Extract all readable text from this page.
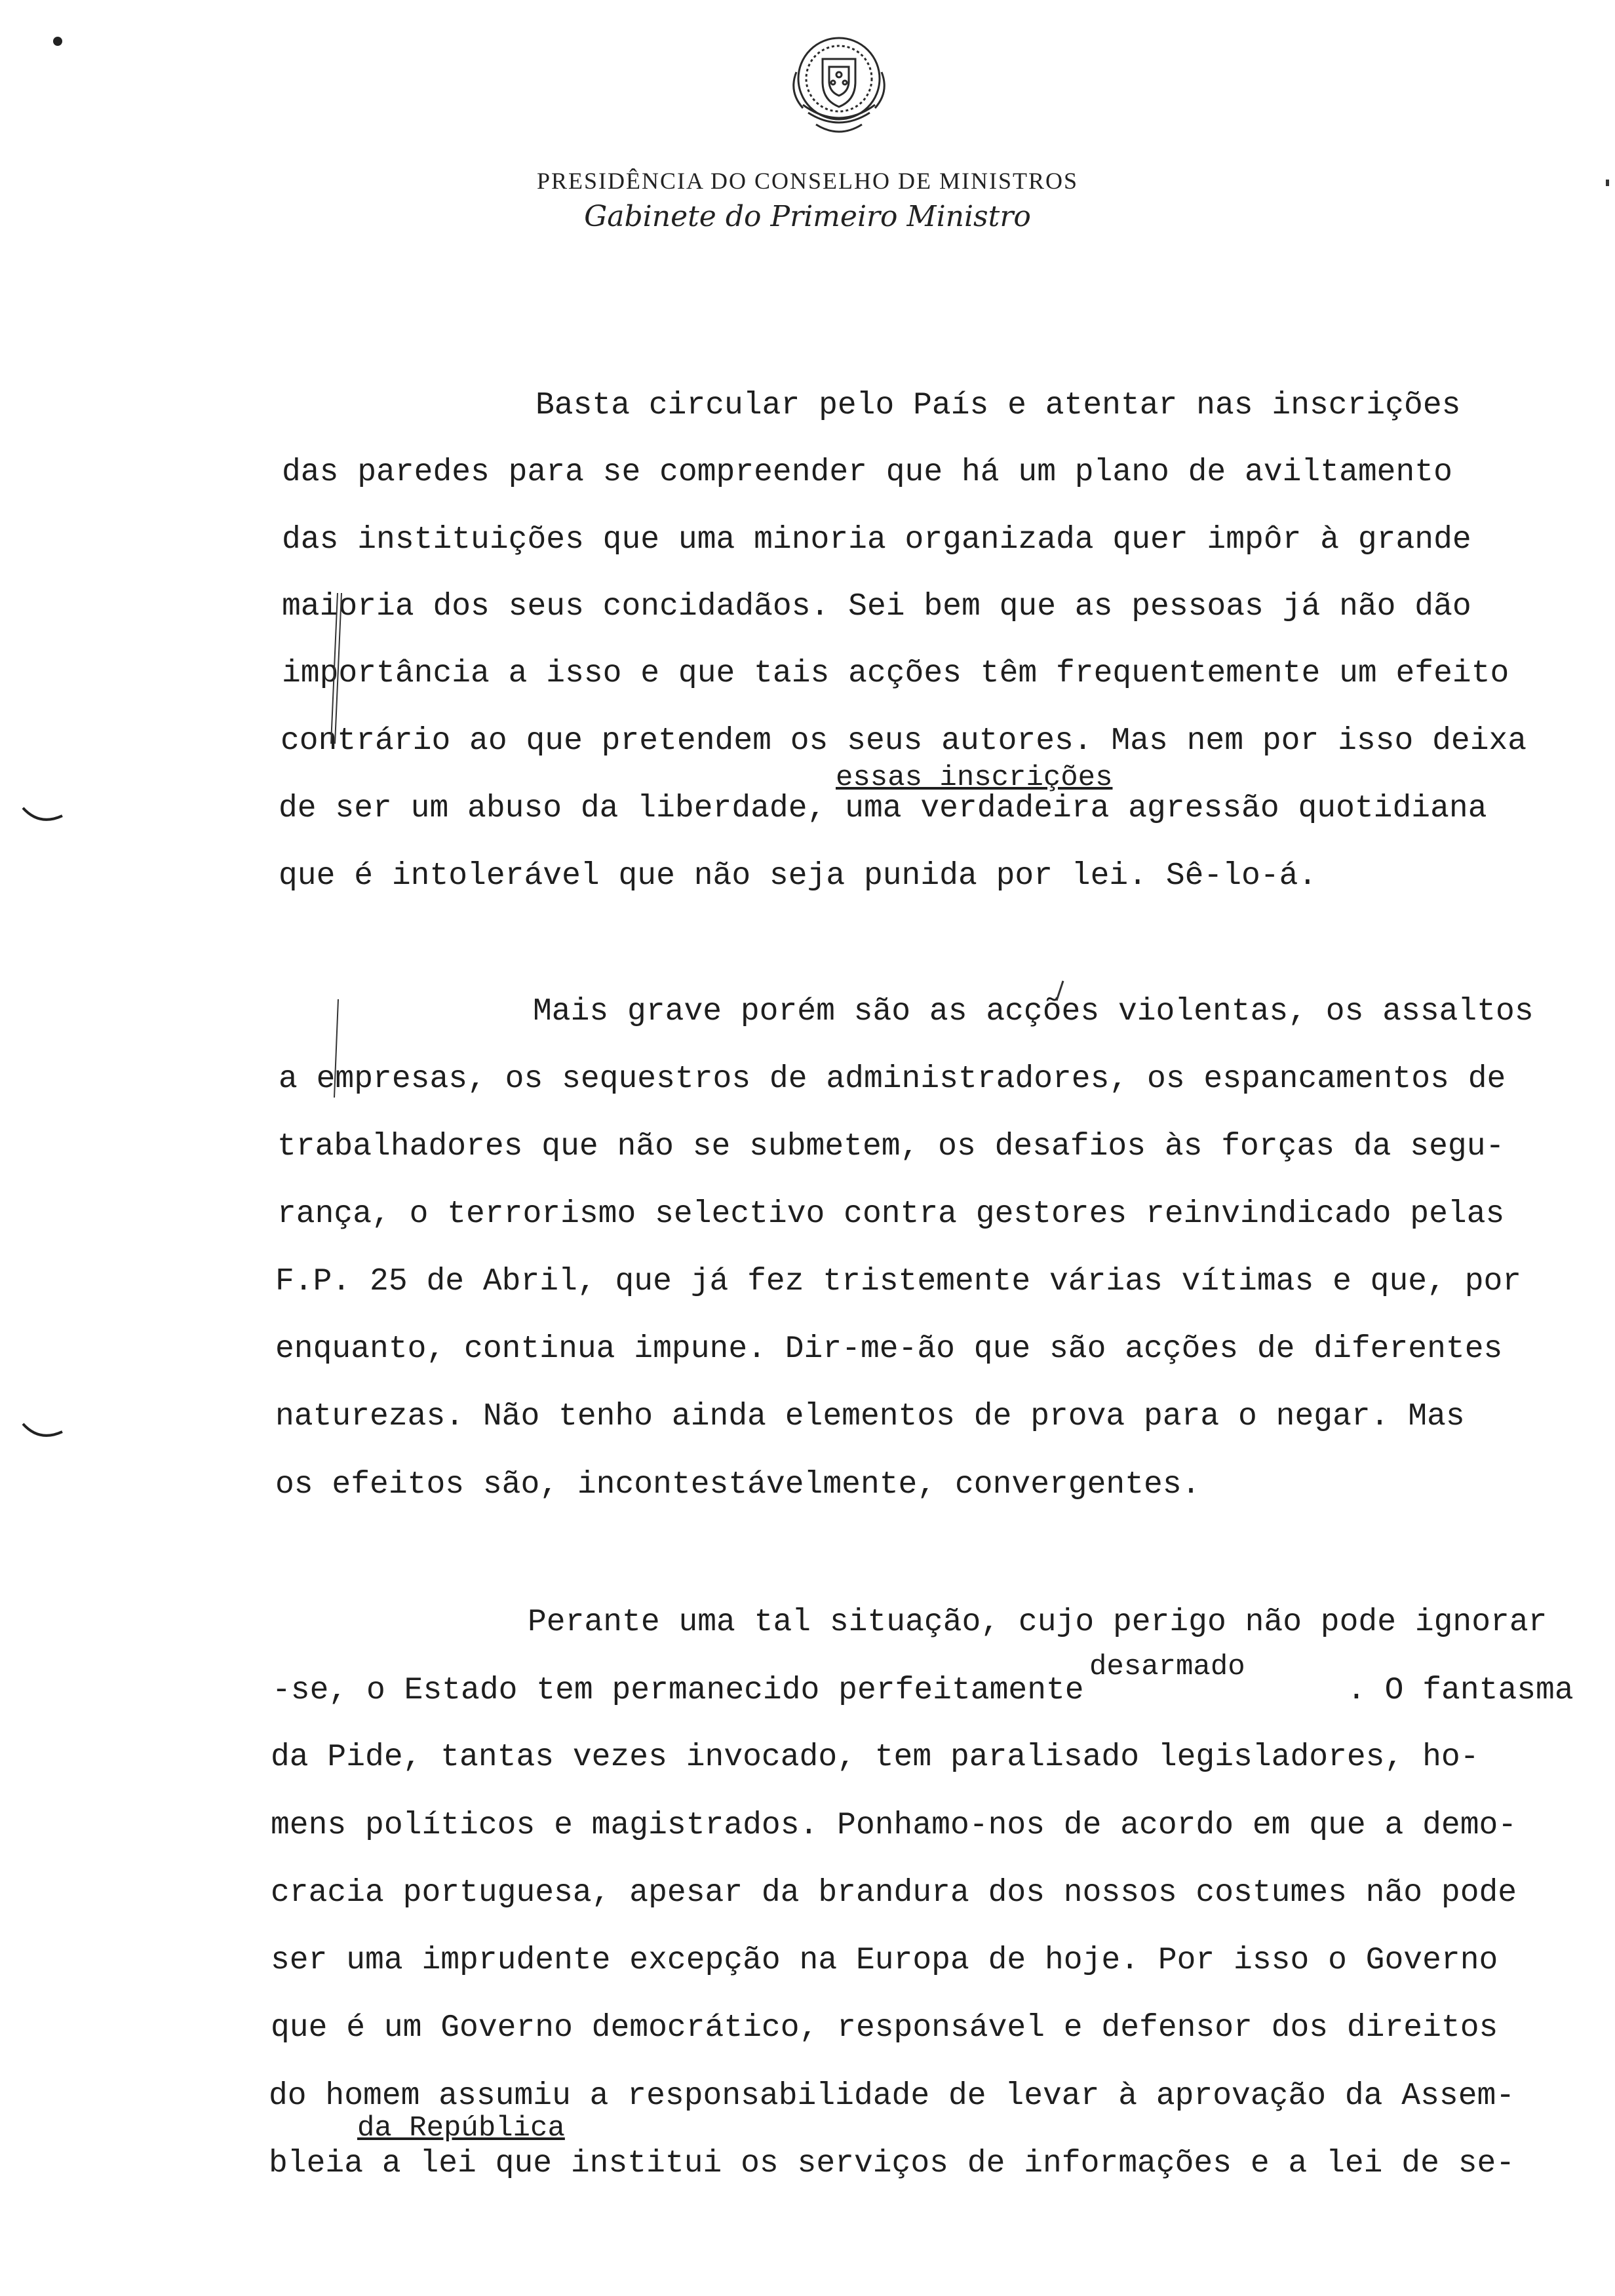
PRESIDÊNCIA DO CONSELHO DE MINISTROS
Gabinete do Primeiro Ministro
Basta circular pelo País e atentar nas inscrições
das paredes para se compreender que há um plano de aviltamento
das instituições que uma minoria organizada quer impôr à grande
maioria dos seus concidadãos. Sei bem que as pessoas já não dão
importância a isso e que tais acções têm frequentemente um efeito
contrário ao que pretendem os seus autores. Mas nem por isso deixa
essas inscrições
de ser um abuso da liberdade, uma verdadeira agressão quotidiana
que é intolerável que não seja punida por lei. Sê-lo-á.
Mais grave porém são as acções violentas, os assaltos
a empresas, os sequestros de administradores, os espancamentos de
trabalhadores que não se submetem, os desafios às forças da segu-
rança, o terrorismo selectivo contra gestores reinvindicado pelas
F.P. 25 de Abril, que já fez tristemente várias vítimas e que, por
enquanto, continua impune. Dir-me-ão que são acções de diferentes
naturezas. Não tenho ainda elementos de prova para o negar. Mas
os efeitos são, incontestávelmente, convergentes.
Perante uma tal situação, cujo perigo não pode ignorar
-se, o Estado tem permanecido perfeitamente
desarmado
. O fantasma
da Pide, tantas vezes invocado, tem paralisado legisladores, ho-
mens políticos e magistrados. Ponhamo-nos de acordo em que a demo-
cracia portuguesa, apesar da brandura dos nossos costumes não pode
ser uma imprudente excepção na Europa de hoje. Por isso o Governo
que é um Governo democrático, responsável e defensor dos direitos
do homem assumiu a responsabilidade de levar à aprovação da Assem-
da República
bleia a lei que institui os serviços de informações e a lei de se-
